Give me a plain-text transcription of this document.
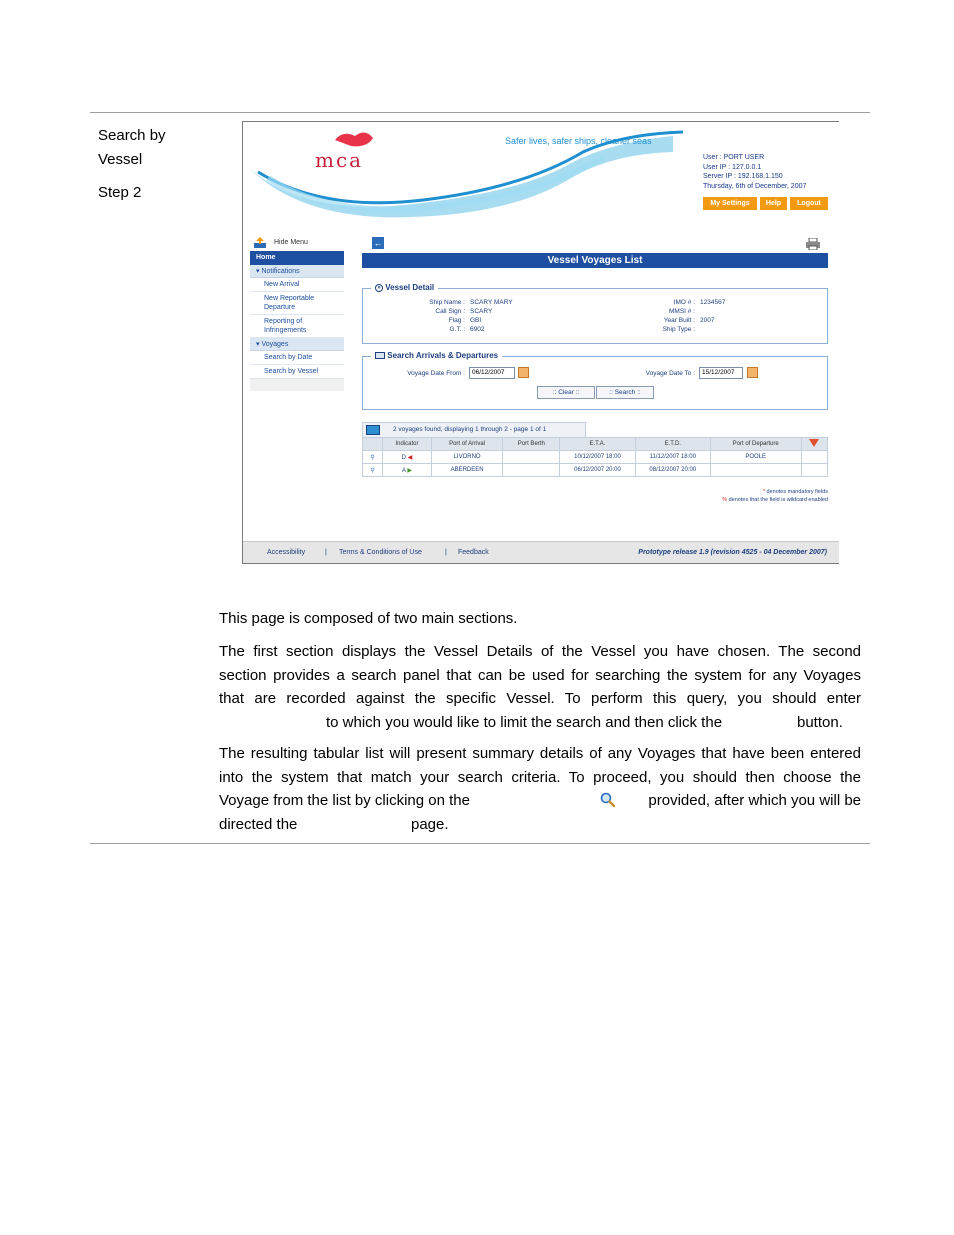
Search by
Vessel
Step 2
mca
Safer lives, safer ships, cleaner seas
User : PORT USER
User IP : 127.0.0.1
Server IP : 192.168.1.150
Thursday, 6th of December, 2007
My Settings	Help	Logout
Hide Menu
Home
▾ Notifications
New Arrival
New Reportable Departure
Reporting of Infringements
▾ Voyages
Search by Date
Search by Vessel
←
Vessel Voyages List
» Vessel Detail
Ship Name : SCARY MARY
Call Sign : SCARY
Flag : GBI
G.T. : 6902
IMO # : 1234567
MMSI # :
Year Built : 2007
Ship Type :
Search Arrivals & Departures
Voyage Date From :	06/12/2007	Voyage Date To :	15/12/2007
:: Clear ::	:: Search ::
2 voyages found, displaying 1 through 2 - page 1 of 1
	Indicator	Port of Arrival	Port Berth	E.T.A.	E.T.D.	Port of Departure	
⚲	D ◀	LIVORNO		10/12/2007 18:00	11/12/2007 18:00	POOLE	
⚲	A ▶	ABERDEEN		06/12/2007 20:00	08/12/2007 20:00		
* denotes mandatory fields
% denotes that the field is wildcard enabled
Accessibility	| Terms & Conditions of Use	| Feedback	Prototype release 1.9 (revision 4525 - 04 December 2007)

This page is composed of two main sections.

The first section displays the Vessel Details of the Vessel you have chosen. The second

section provides a search panel that can be used for searching the system for any Voyages

that are recorded against the specific Vessel. To perform this query, you should enter

to which you would like to limit the search and then click the	button.

The resulting tabular list will present summary details of any Voyages that have been entered

into the system that match your search criteria. To proceed, you should then choose the

Voyage from the list by clicking on the	provided, after which you will be

directed the	page.
